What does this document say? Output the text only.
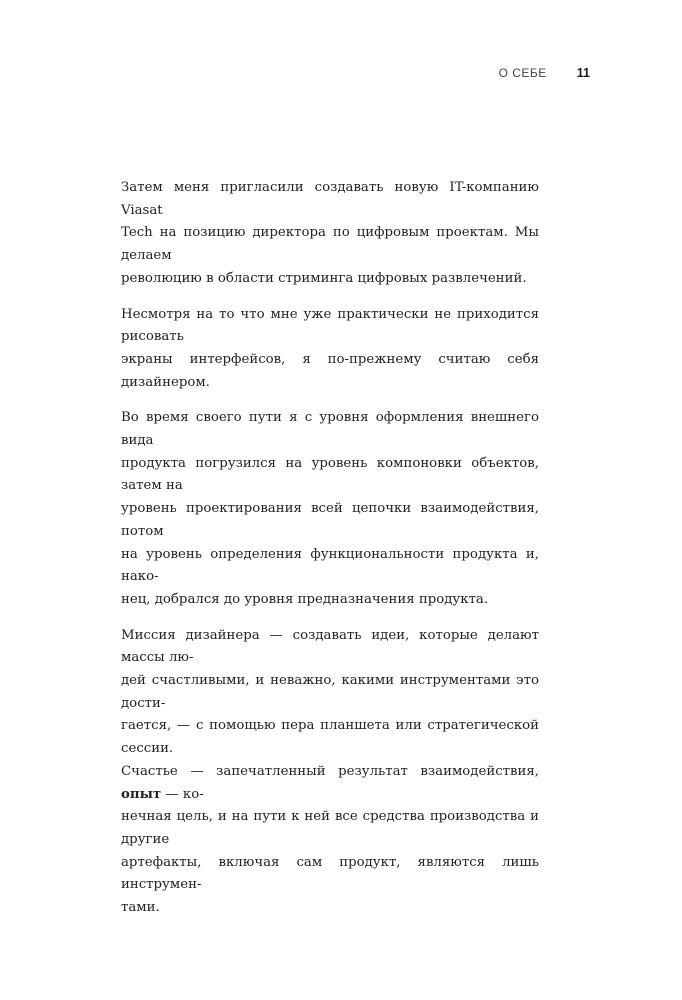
О СЕБЕ 11

Затем меня пригласили создавать новую IT-компанию Viasat
Tech на позицию директора по цифровым проектам. Мы делаем
революцию в области стриминга цифровых развлечений.

Несмотря на то что мне уже практически не приходится рисовать
экраны интерфейсов, я по-прежнему считаю себя дизайнером.

Во время своего пути я с уровня оформления внешнего вида
продукта погрузился на уровень компоновки объектов, затем на
уровень проектирования всей цепочки взаимодействия, потом
на уровень определения функциональности продукта и, нако-
нец, добрался до уровня предназначения продукта.

Миссия дизайнера — создавать идеи, которые делают массы лю-
дей счастливыми, и неважно, какими инструментами это дости-
гается, — с помощью пера планшета или стратегической сессии.
Счастье — запечатленный результат взаимодействия, опыт — ко-
нечная цель, и на пути к ней все средства производства и другие
артефакты, включая сам продукт, являются лишь инструмен-
тами.
